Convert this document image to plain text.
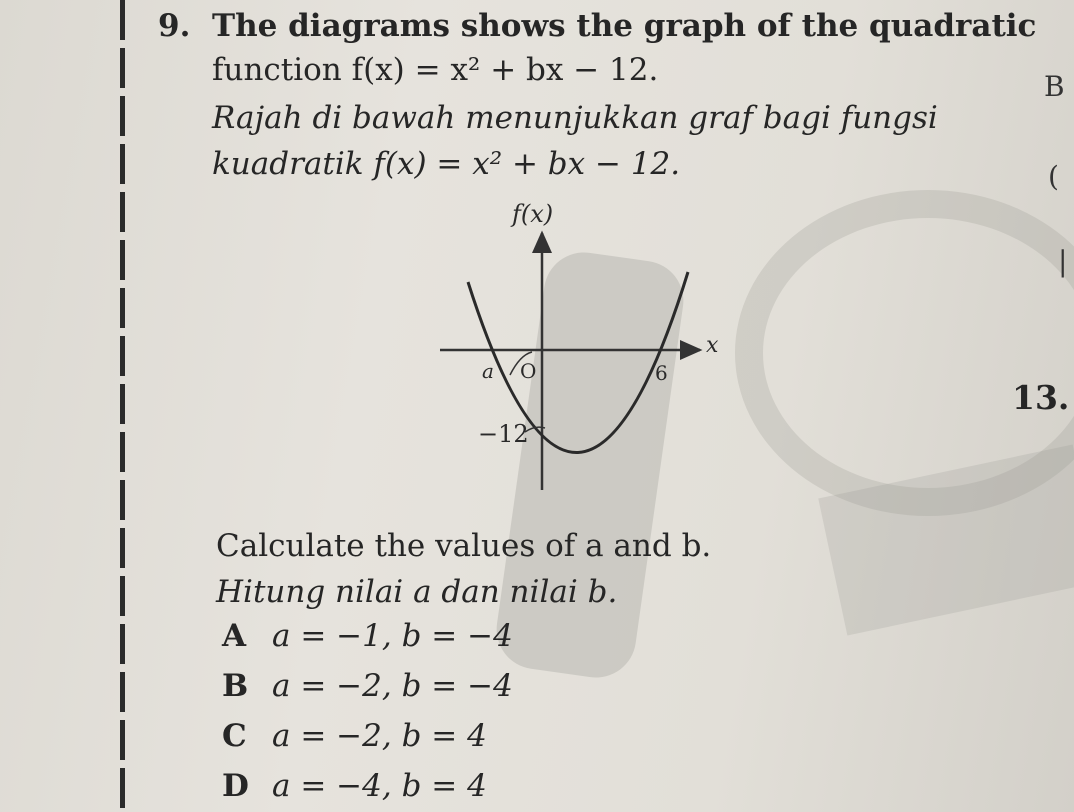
9. The diagrams shows the graph of the quadratic
function f(x) = x² + bx − 12.
Rajah di bawah menunjukkan graf bagi fungsi
kuadratik f(x) = x² + bx − 12.
B
(
|
f(x)
x
a O	6
−12
13.
Calculate the values of a and b.
Hitung nilai a dan nilai b.
A a = −1, b = −4
B a = −2, b = −4
C a = −2, b = 4
D a = −4, b = 4
